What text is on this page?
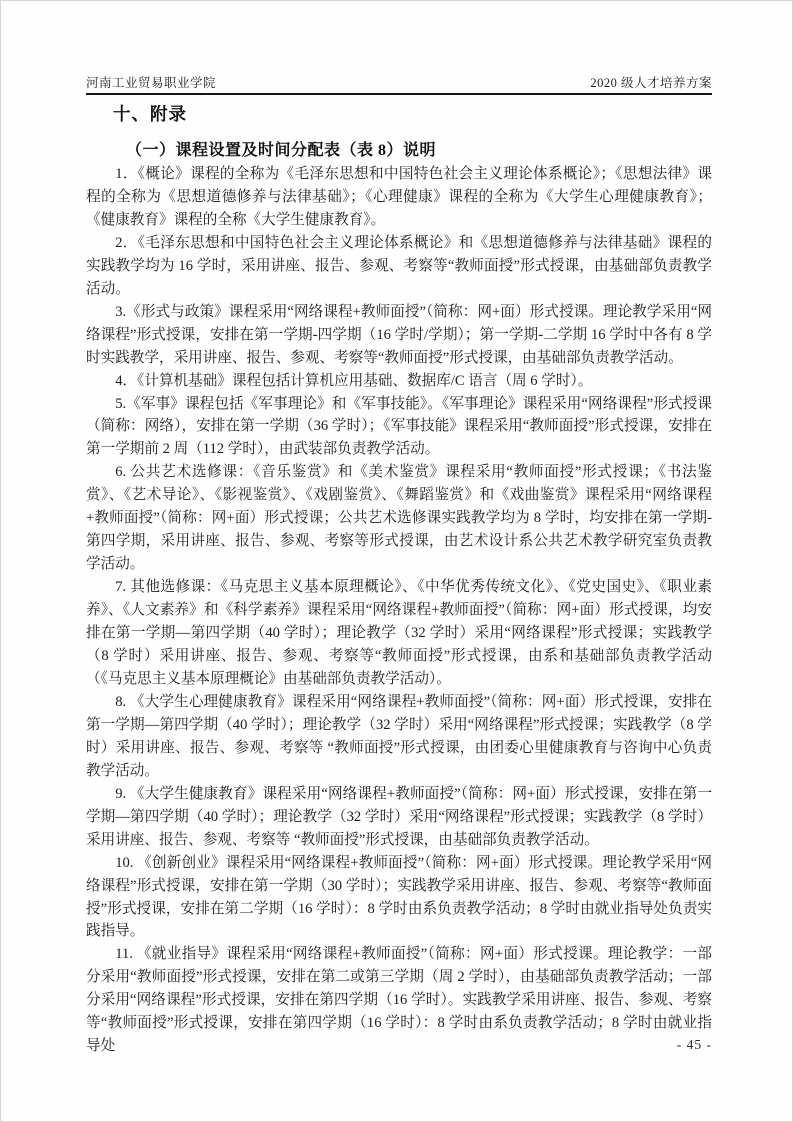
河南工业贸易职业学院	2020 级人才培养方案
十、附录
（一）课程设置及时间分配表（表 8）说明

1．《概论》课程的全称为《毛泽东思想和中国特色社会主义理论体系概论》；《思想法律》课程的全称为《思想道德修养与法律基础》；《心理健康》课程的全称为《大学生心理健康教育》；《健康教育》课程的全称《大学生健康教育》。

2．《毛泽东思想和中国特色社会主义理论体系概论》和《思想道德修养与法律基础》课程的实践教学均为 16 学时，采用讲座、报告、参观、考察等“教师面授”形式授课，由基础部负责教学活动。

3.《形式与政策》课程采用“网络课程+教师面授”（简称：网+面）形式授课。理论教学采用“网络课程”形式授课，安排在第一学期-四学期（16 学时/学期）；第一学期-二学期 16 学时中各有 8 学时实践教学，采用讲座、报告、参观、考察等“教师面授”形式授课，由基础部负责教学活动。

4．《计算机基础》课程包括计算机应用基础、数据库/C 语言（周 6 学时）。

5.《军事》课程包括《军事理论》和《军事技能》。《军事理论》课程采用“网络课程”形式授课（简称：网络），安排在第一学期（36 学时）；《军事技能》课程采用“教师面授”形式授课，安排在第一学期前 2 周（112 学时），由武装部负责教学活动。

6. 公共艺术选修课：《音乐鉴赏》和《美术鉴赏》课程采用“教师面授”形式授课；《书法鉴赏》、《艺术导论》、《影视鉴赏》、《戏剧鉴赏》、《舞蹈鉴赏》和《戏曲鉴赏》课程采用“网络课程+教师面授”（简称：网+面）形式授课；公共艺术选修课实践教学均为 8 学时，均安排在第一学期-第四学期，采用讲座、报告、参观、考察等形式授课，由艺术设计系公共艺术教学研究室负责教学活动。

7. 其他选修课：《马克思主义基本原理概论》、《中华优秀传统文化》、《党史国史》、《职业素养》、《人文素养》和《科学素养》课程采用“网络课程+教师面授”（简称：网+面）形式授课，均安排在第一学期—第四学期（40 学时）；理论教学（32 学时）采用“网络课程”形式授课；实践教学（8 学时）采用讲座、报告、参观、考察等“教师面授”形式授课，由系和基础部负责教学活动（《马克思主义基本原理概论》由基础部负责教学活动）。

8. 《大学生心理健康教育》课程采用“网络课程+教师面授”（简称：网+面）形式授课，安排在第一学期—第四学期（40 学时）；理论教学（32 学时）采用“网络课程”形式授课；实践教学（8 学时）采用讲座、报告、参观、考察等 “教师面授”形式授课，由团委心里健康教育与咨询中心负责教学活动。

9. 《大学生健康教育》课程采用“网络课程+教师面授”（简称：网+面）形式授课，安排在第一学期—第四学期（40 学时）；理论教学（32 学时）采用“网络课程”形式授课；实践教学（8 学时）采用讲座、报告、参观、考察等 “教师面授”形式授课，由基础部负责教学活动。

10. 《创新创业》课程采用“网络课程+教师面授”（简称：网+面）形式授课。理论教学采用“网络课程”形式授课，安排在第一学期（30 学时）；实践教学采用讲座、报告、参观、考察等“教师面授”形式授课，安排在第二学期（16 学时）：8 学时由系负责教学活动；8 学时由就业指导处负责实践指导。

11. 《就业指导》课程采用“网络课程+教师面授”（简称：网+面）形式授课。理论教学：一部分采用“教师面授”形式授课，安排在第二或第三学期（周 2 学时），由基础部负责教学活动；一部分采用“网络课程”形式授课，安排在第四学期（16 学时）。实践教学采用讲座、报告、参观、考察等“教师面授”形式授课，安排在第四学期（16 学时）：8 学时由系负责教学活动；8 学时由就业指导处	- 45 -
